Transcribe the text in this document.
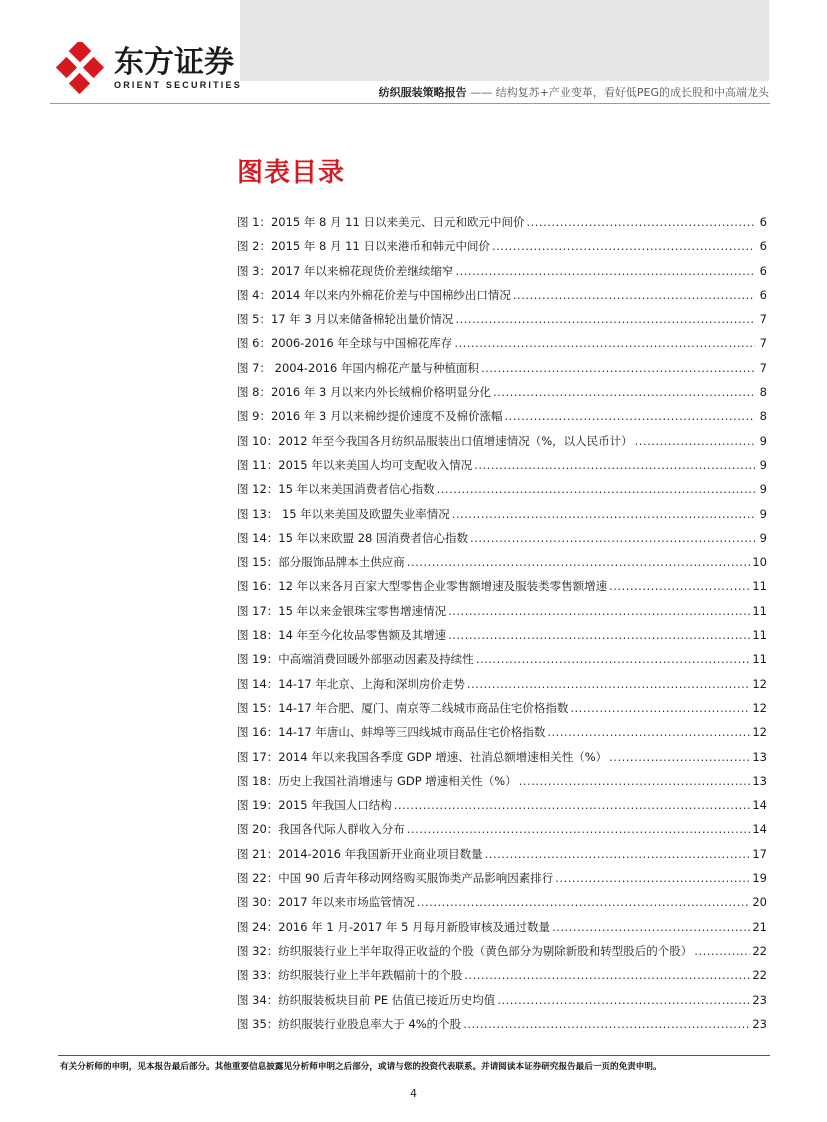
东方证券
ORIENT SECURITIES
纺织服装策略报告 —— 结构复苏+产业变革，看好低PEG的成长股和中高端龙头
图表目录
图 1：2015 年 8 月 11 日以来美元、日元和欧元中间价 .....	6
图 2：2015 年 8 月 11 日以来港币和韩元中间价 .....	6
图 3：2017 年以来棉花现货价差继续缩窄 .....	6
图 4：2014 年以来内外棉花价差与中国棉纱出口情况 .....	6
图 5：17 年 3 月以来储备棉轮出量价情况 .....	7
图 6：2006-2016 年全球与中国棉花库存 .....	7
图 7： 2004-2016 年国内棉花产量与种植面积 .....	7
图 8：2016 年 3 月以来内外长绒棉价格明显分化 .....	8
图 9：2016 年 3 月以来棉纱提价速度不及棉价涨幅 .....	8
图 10：2012 年至今我国各月纺织品服装出口值增速情况（%，以人民币计） .....	9
图 11：2015 年以来美国人均可支配收入情况 .....	9
图 12：15 年以来美国消费者信心指数 .....	9
图 13： 15 年以来美国及欧盟失业率情况 .....	9
图 14：15 年以来欧盟 28 国消费者信心指数 .....	9
图 15：部分服饰品牌本土供应商 .....	10
图 16：12 年以来各月百家大型零售企业零售额增速及服装类零售额增速 .....	11
图 17：15 年以来金银珠宝零售增速情况 .....	11
图 18：14 年至今化妆品零售额及其增速 .....	11
图 19：中高端消费回暖外部驱动因素及持续性 .....	11
图 14：14-17 年北京、上海和深圳房价走势 .....	12
图 15：14-17 年合肥、厦门、南京等二线城市商品住宅价格指数 .....	12
图 16：14-17 年唐山、蚌埠等三四线城市商品住宅价格指数 .....	12
图 17：2014 年以来我国各季度 GDP 增速、社消总额增速相关性（%） .....	13
图 18：历史上我国社消增速与 GDP 增速相关性（%） .....	13
图 19：2015 年我国人口结构 .....	14
图 20：我国各代际人群收入分布 .....	14
图 21：2014-2016 年我国新开业商业项目数量 .....	17
图 22：中国 90 后青年移动网络购买服饰类产品影响因素排行 .....	19
图 30：2017 年以来市场监管情况 .....	20
图 24：2016 年 1 月-2017 年 5 月每月新股审核及通过数量 .....	21
图 32：纺织服装行业上半年取得正收益的个股（黄色部分为剔除新股和转型股后的个股） .....	22
图 33：纺织服装行业上半年跌幅前十的个股 .....	22
图 34：纺织服装板块目前 PE 估值已接近历史均值 .....	23
图 35：纺织服装行业股息率大于 4%的个股 .....	23
有关分析师的申明，见本报告最后部分。其他重要信息披露见分析师申明之后部分，或请与您的投资代表联系。并请阅读本证券研究报告最后一页的免责申明。
4
